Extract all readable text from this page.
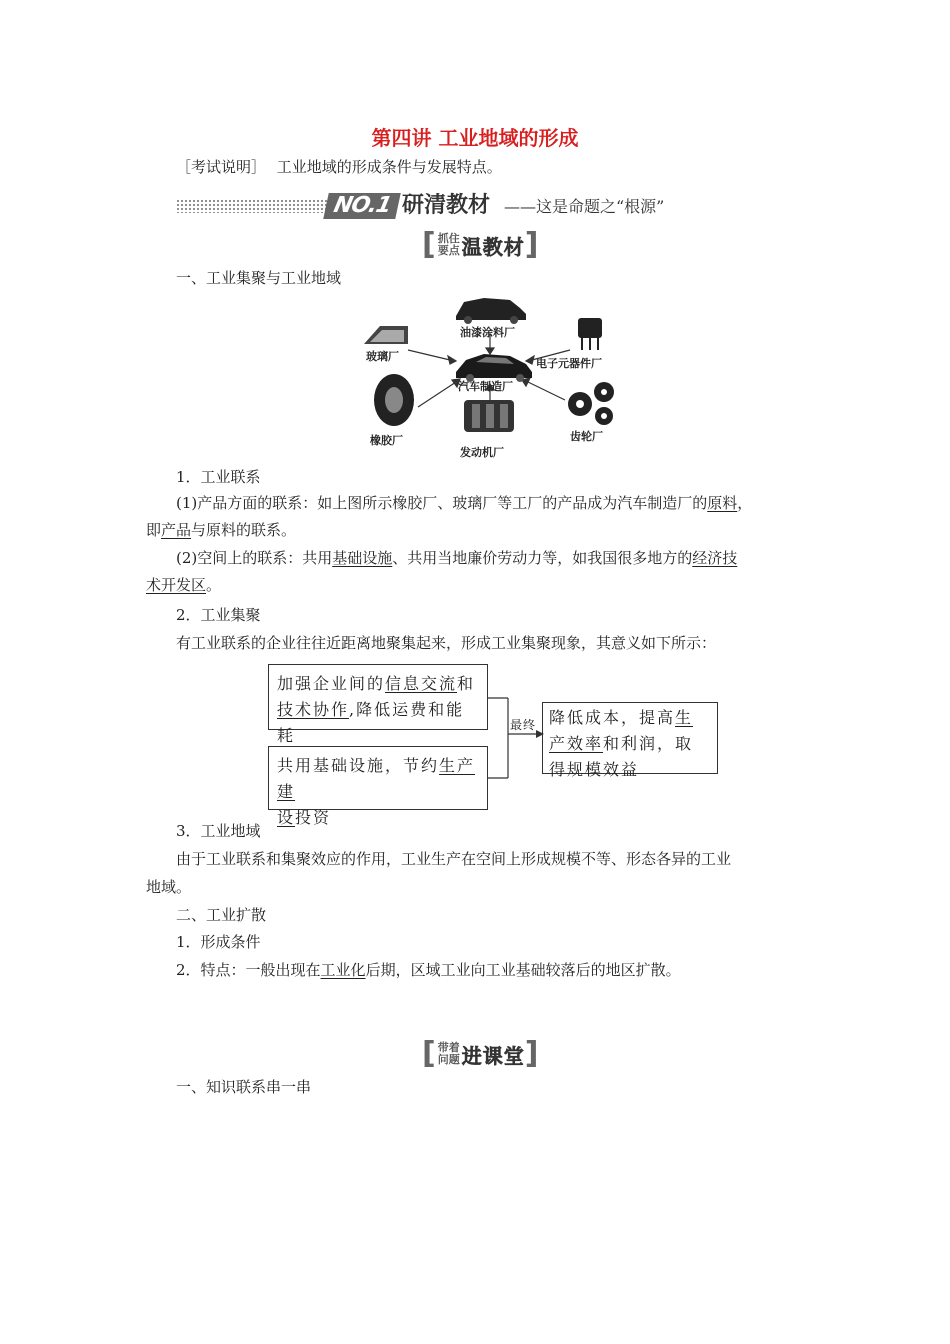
第四讲 工业地域的形成
［考试说明］ 工业地域的形成条件与发展特点。
NO.1 研清教材 ——这是命题之“根源”
[ 抓住
要点 温教材 ]
一、工业集聚与工业地域
油漆涂料厂
玻璃厂
电子元器件厂
汽车制造厂
橡胶厂
发动机厂
齿轮厂
1．工业联系
(1)产品方面的联系：如上图所示橡胶厂、玻璃厂等工厂的产品成为汽车制造厂的原料，
即产品与原料的联系。
(2)空间上的联系：共用基础设施、共用当地廉价劳动力等，如我国很多地方的经济技
术开发区。
2．工业集聚
有工业联系的企业往往近距离地聚集起来，形成工业集聚现象，其意义如下所示：
加强企业间的信息交流和
技术协作,降低运费和能耗
共用基础设施，节约生产建
设投资
最终 降低成本，提高生产效率和利润，取得规模效益
3．工业地域
由于工业联系和集聚效应的作用，工业生产在空间上形成规模不等、形态各异的工业
地域。
二、工业扩散
1．形成条件
2．特点：一般出现在工业化后期，区域工业向工业基础较落后的地区扩散。
[ 带着
问题 进课堂 ]
一、知识联系串一串
